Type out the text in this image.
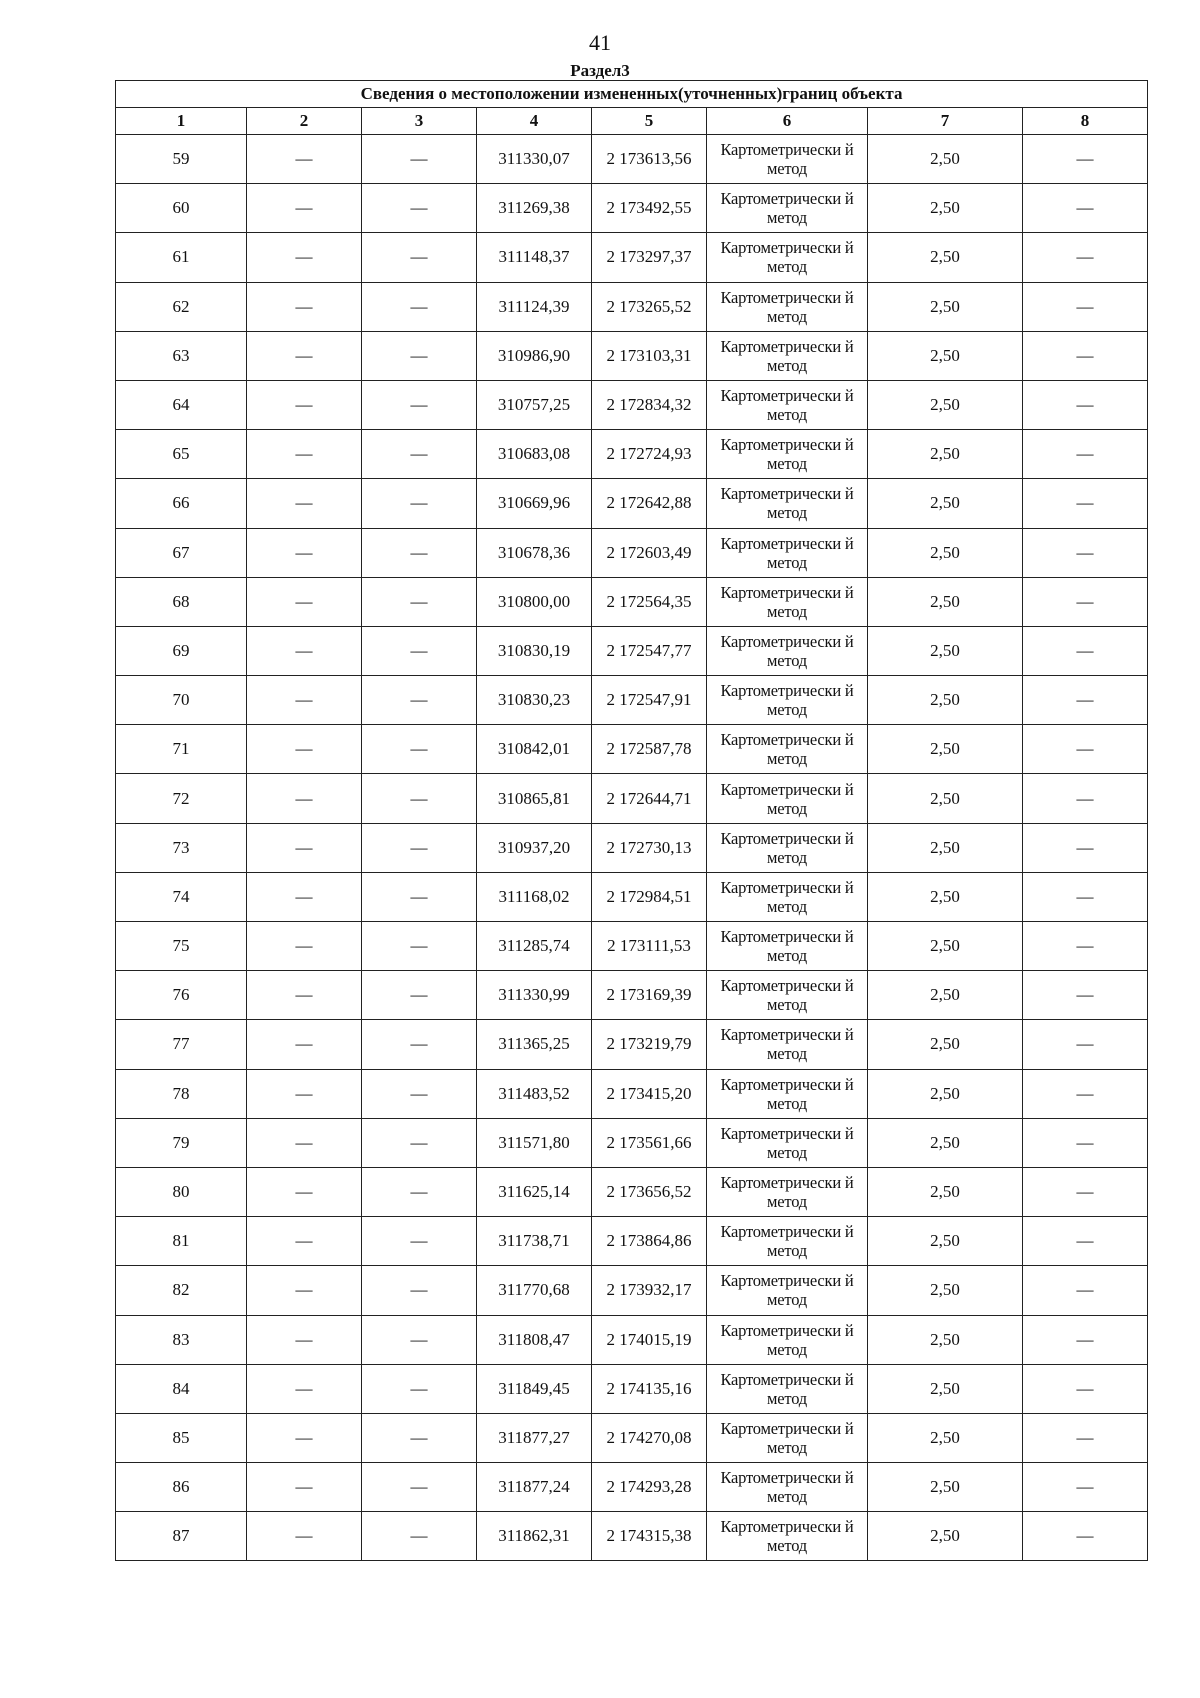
41
Раздел3
Сведения о местоположении измененных(уточненных)границ объекта							
1	2	3	4	5	6	7	8
59	—	—	311330,07	2 173613,56	Картометрически й метод	2,50	—
60	—	—	311269,38	2 173492,55	Картометрически й метод	2,50	—
61	—	—	311148,37	2 173297,37	Картометрически й метод	2,50	—
62	—	—	311124,39	2 173265,52	Картометрически й метод	2,50	—
63	—	—	310986,90	2 173103,31	Картометрически й метод	2,50	—
64	—	—	310757,25	2 172834,32	Картометрически й метод	2,50	—
65	—	—	310683,08	2 172724,93	Картометрически й метод	2,50	—
66	—	—	310669,96	2 172642,88	Картометрически й метод	2,50	—
67	—	—	310678,36	2 172603,49	Картометрически й метод	2,50	—
68	—	—	310800,00	2 172564,35	Картометрически й метод	2,50	—
69	—	—	310830,19	2 172547,77	Картометрически й метод	2,50	—
70	—	—	310830,23	2 172547,91	Картометрически й метод	2,50	—
71	—	—	310842,01	2 172587,78	Картометрически й метод	2,50	—
72	—	—	310865,81	2 172644,71	Картометрически й метод	2,50	—
73	—	—	310937,20	2 172730,13	Картометрически й метод	2,50	—
74	—	—	311168,02	2 172984,51	Картометрически й метод	2,50	—
75	—	—	311285,74	2 173111,53	Картометрически й метод	2,50	—
76	—	—	311330,99	2 173169,39	Картометрически й метод	2,50	—
77	—	—	311365,25	2 173219,79	Картометрически й метод	2,50	—
78	—	—	311483,52	2 173415,20	Картометрически й метод	2,50	—
79	—	—	311571,80	2 173561,66	Картометрически й метод	2,50	—
80	—	—	311625,14	2 173656,52	Картометрически й метод	2,50	—
81	—	—	311738,71	2 173864,86	Картометрически й метод	2,50	—
82	—	—	311770,68	2 173932,17	Картометрически й метод	2,50	—
83	—	—	311808,47	2 174015,19	Картометрически й метод	2,50	—
84	—	—	311849,45	2 174135,16	Картометрически й метод	2,50	—
85	—	—	311877,27	2 174270,08	Картометрически й метод	2,50	—
86	—	—	311877,24	2 174293,28	Картометрически й метод	2,50	—
87	—	—	311862,31	2 174315,38	Картометрически й метод	2,50	—
